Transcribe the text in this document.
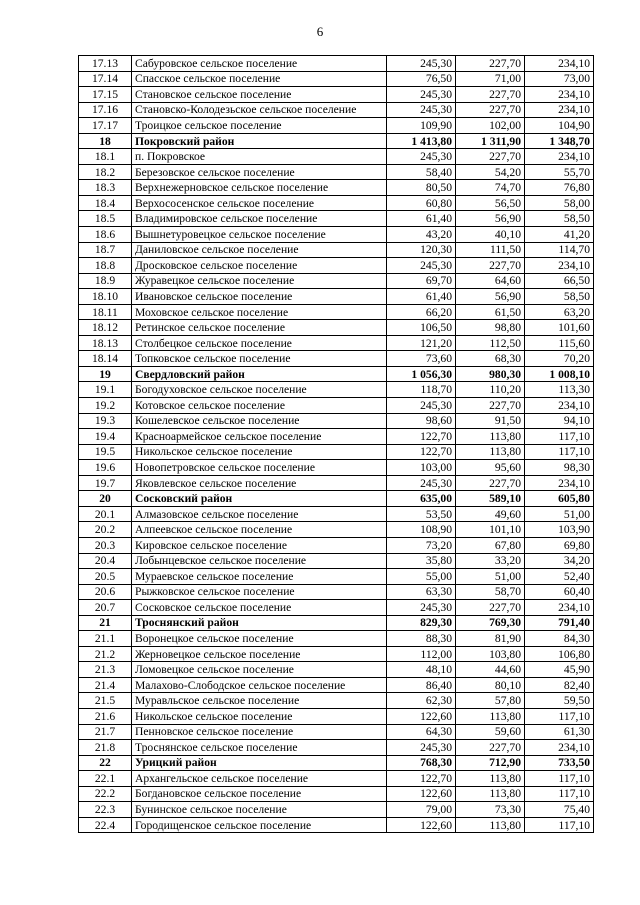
6
17.13	Сабуровское сельское поселение	245,30	227,70	234,10
17.14	Спасское сельское поселение	76,50	71,00	73,00
17.15	Становское сельское поселение	245,30	227,70	234,10
17.16	Становско-Колодезьское сельское поселение	245,30	227,70	234,10
17.17	Троицкое сельское поселение	109,90	102,00	104,90
18	Покровский район	1 413,80	1 311,90	1 348,70
18.1	п. Покровское	245,30	227,70	234,10
18.2	Березовское сельское поселение	58,40	54,20	55,70
18.3	Верхнежерновское сельское поселение	80,50	74,70	76,80
18.4	Верхососенское сельское поселение	60,80	56,50	58,00
18.5	Владимировское сельское поселение	61,40	56,90	58,50
18.6	Вышнетуровецкое сельское поселение	43,20	40,10	41,20
18.7	Даниловское сельское поселение	120,30	111,50	114,70
18.8	Дросковское сельское поселение	245,30	227,70	234,10
18.9	Журавецкое сельское поселение	69,70	64,60	66,50
18.10	Ивановское сельское поселение	61,40	56,90	58,50
18.11	Моховское сельское поселение	66,20	61,50	63,20
18.12	Ретинское сельское поселение	106,50	98,80	101,60
18.13	Столбецкое сельское поселение	121,20	112,50	115,60
18.14	Топковское сельское поселение	73,60	68,30	70,20
19	Свердловский район	1 056,30	980,30	1 008,10
19.1	Богодуховское сельское поселение	118,70	110,20	113,30
19.2	Котовское сельское поселение	245,30	227,70	234,10
19.3	Кошелевское сельское поселение	98,60	91,50	94,10
19.4	Красноармейское сельское поселение	122,70	113,80	117,10
19.5	Никольское сельское поселение	122,70	113,80	117,10
19.6	Новопетровское сельское поселение	103,00	95,60	98,30
19.7	Яковлевское сельское поселение	245,30	227,70	234,10
20	Сосковский район	635,00	589,10	605,80
20.1	Алмазовское сельское поселение	53,50	49,60	51,00
20.2	Алпеевское сельское поселение	108,90	101,10	103,90
20.3	Кировское сельское поселение	73,20	67,80	69,80
20.4	Лобынцевское сельское поселение	35,80	33,20	34,20
20.5	Мураевское сельское поселение	55,00	51,00	52,40
20.6	Рыжковское сельское поселение	63,30	58,70	60,40
20.7	Сосковское сельское поселение	245,30	227,70	234,10
21	Троснянский район	829,30	769,30	791,40
21.1	Воронецкое сельское поселение	88,30	81,90	84,30
21.2	Жерновецкое сельское поселение	112,00	103,80	106,80
21.3	Ломовецкое сельское поселение	48,10	44,60	45,90
21.4	Малахово-Слободское сельское поселение	86,40	80,10	82,40
21.5	Муравльское сельское поселение	62,30	57,80	59,50
21.6	Никольское сельское поселение	122,60	113,80	117,10
21.7	Пенновское сельское поселение	64,30	59,60	61,30
21.8	Троснянское сельское поселение	245,30	227,70	234,10
22	Урицкий район	768,30	712,90	733,50
22.1	Архангельское сельское поселение	122,70	113,80	117,10
22.2	Богдановское сельское поселение	122,60	113,80	117,10
22.3	Бунинское сельское поселение	79,00	73,30	75,40
22.4	Городищенское сельское поселение	122,60	113,80	117,10
